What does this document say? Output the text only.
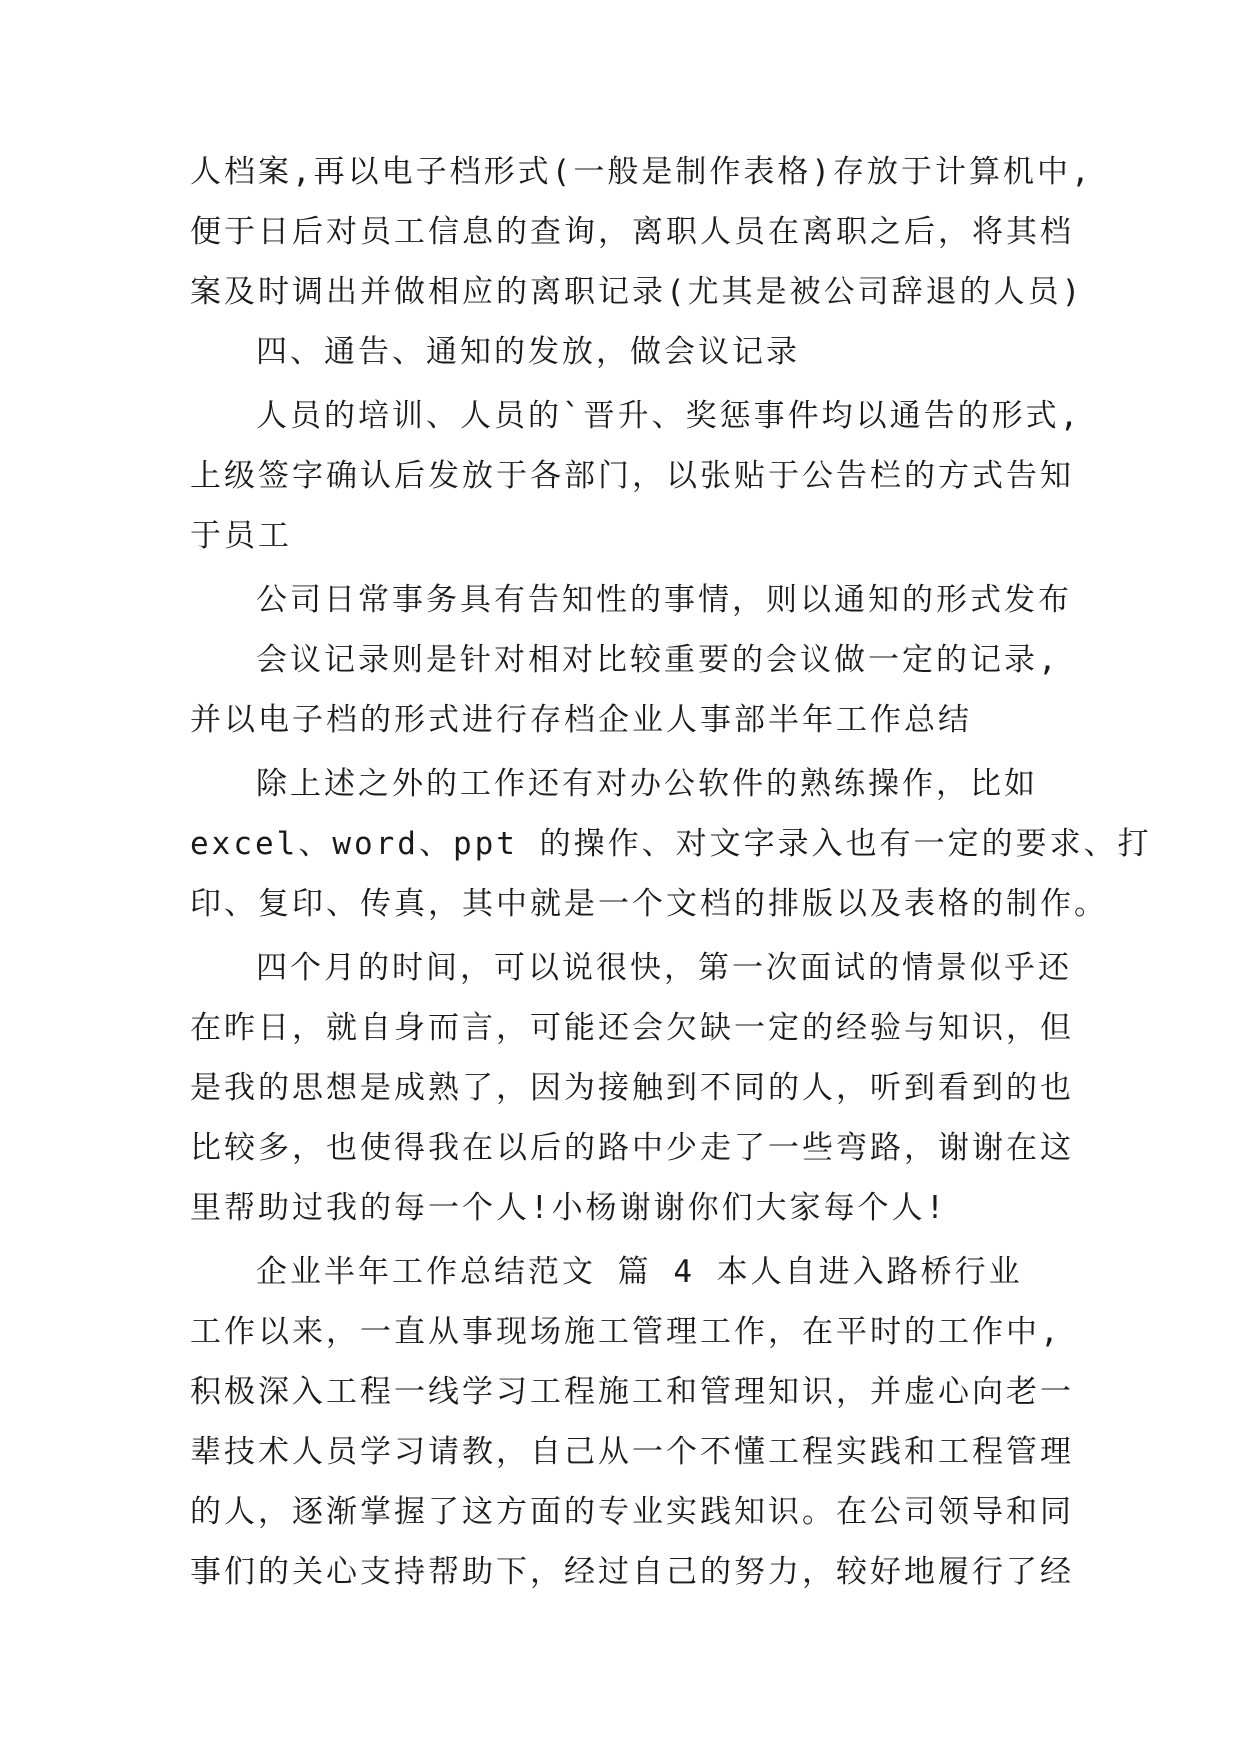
人档案,再以电子档形式(一般是制作表格)存放于计算机中,
便于日后对员工信息的查询，离职人员在离职之后，将其档
案及时调出并做相应的离职记录(尤其是被公司辞退的人员)
四、通告、通知的发放，做会议记录
人员的培训、人员的`晋升、奖惩事件均以通告的形式,
上级签字确认后发放于各部门，以张贴于公告栏的方式告知
于员工
公司日常事务具有告知性的事情，则以通知的形式发布
会议记录则是针对相对比较重要的会议做一定的记录,
并以电子档的形式进行存档企业人事部半年工作总结
除上述之外的工作还有对办公软件的熟练操作，比如
excel、word、ppt 的操作、对文字录入也有一定的要求、打
印、复印、传真，其中就是一个文档的排版以及表格的制作。
四个月的时间，可以说很快，第一次面试的情景似乎还
在昨日，就自身而言，可能还会欠缺一定的经验与知识，但
是我的思想是成熟了，因为接触到不同的人，听到看到的也
比较多，也使得我在以后的路中少走了一些弯路，谢谢在这
里帮助过我的每一个人!小杨谢谢你们大家每个人!
企业半年工作总结范文 篇 4 本人自进入路桥行业
工作以来，一直从事现场施工管理工作，在平时的工作中,
积极深入工程一线学习工程施工和管理知识，并虚心向老一
辈技术人员学习请教，自己从一个不懂工程实践和工程管理
的人，逐渐掌握了这方面的专业实践知识。在公司领导和同
事们的关心支持帮助下，经过自己的努力，较好地履行了经
